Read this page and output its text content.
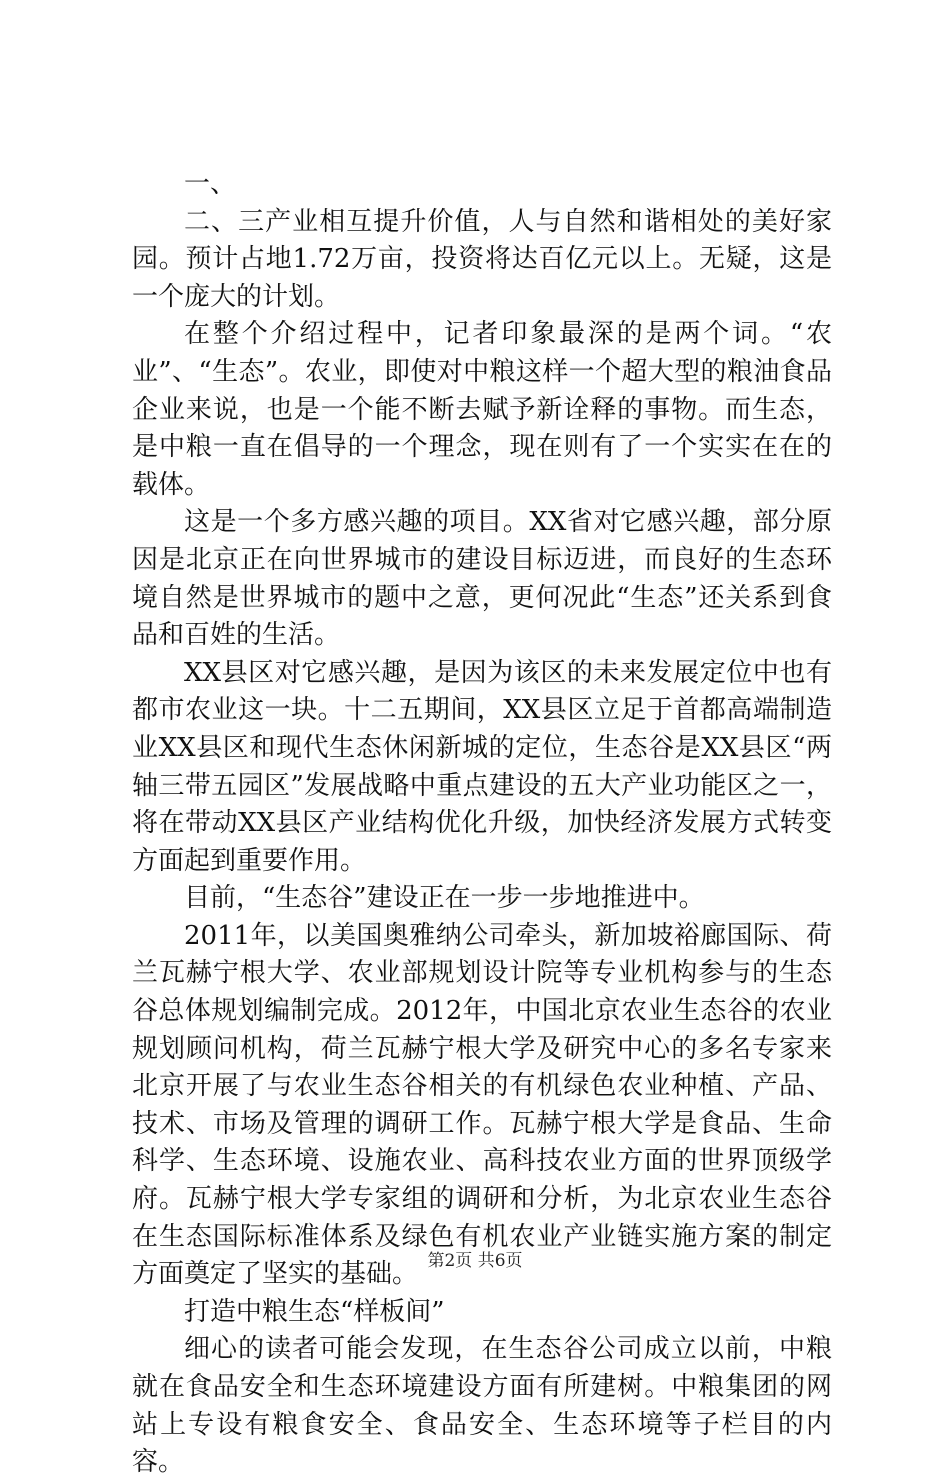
一、

二、三产业相互提升价值，人与自然和谐相处的美好家园。预计占地1.72万亩，投资将达百亿元以上。无疑，这是一个庞大的计划。

在整个介绍过程中，记者印象最深的是两个词。“农业”、“生态”。农业，即使对中粮这样一个超大型的粮油食品企业来说，也是一个能不断去赋予新诠释的事物。而生态，是中粮一直在倡导的一个理念，现在则有了一个实实在在的载体。

这是一个多方感兴趣的项目。XX省对它感兴趣，部分原因是北京正在向世界城市的建设目标迈进，而良好的生态环境自然是世界城市的题中之意，更何况此“生态”还关系到食品和百姓的生活。

XX县区对它感兴趣，是因为该区的未来发展定位中也有都市农业这一块。十二五期间，XX县区立足于首都高端制造业XX县区和现代生态休闲新城的定位，生态谷是XX县区“两轴三带五园区”发展战略中重点建设的五大产业功能区之一，将在带动XX县区产业结构优化升级，加快经济发展方式转变方面起到重要作用。

目前，“生态谷”建设正在一步一步地推进中。

2011年，以美国奥雅纳公司牵头，新加坡裕廊国际、荷兰瓦赫宁根大学、农业部规划设计院等专业机构参与的生态谷总体规划编制完成。2012年，中国北京农业生态谷的农业规划顾问机构，荷兰瓦赫宁根大学及研究中心的多名专家来北京开展了与农业生态谷相关的有机绿色农业种植、产品、技术、市场及管理的调研工作。瓦赫宁根大学是食品、生命科学、生态环境、设施农业、高科技农业方面的世界顶级学府。瓦赫宁根大学专家组的调研和分析，为北京农业生态谷在生态国际标准体系及绿色有机农业产业链实施方案的制定方面奠定了坚实的基础。

打造中粮生态“样板间”

细心的读者可能会发现，在生态谷公司成立以前，中粮就在食品安全和生态环境建设方面有所建树。中粮集团的网站上专设有粮食安全、食品安全、生态环境等子栏目的内容。

第2页 共6页
